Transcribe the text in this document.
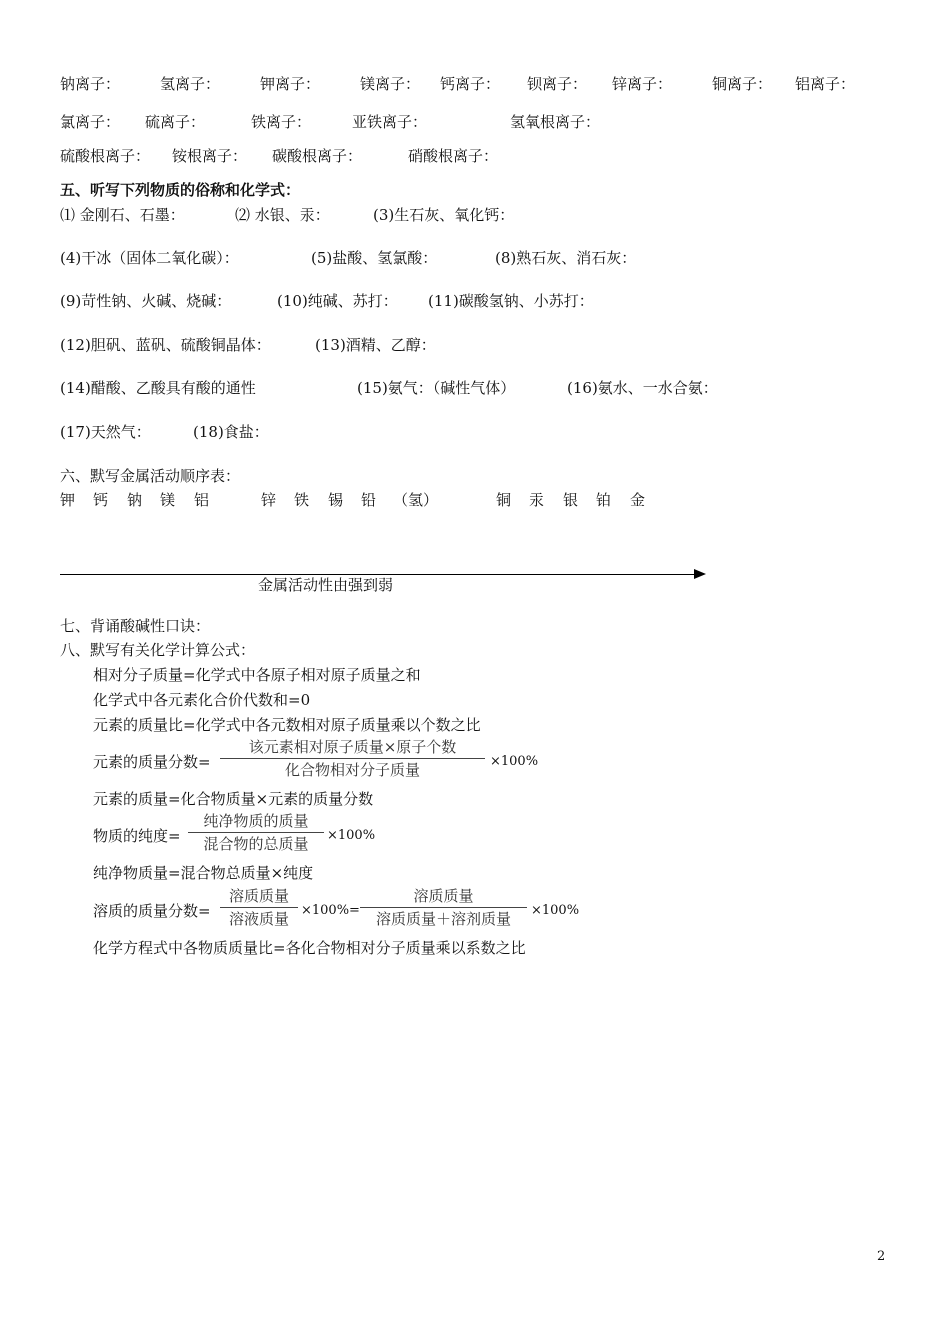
钠离子：	氢离子：	钾离子：	镁离子： 钙离子： 钡离子： 锌离子：	铜离子： 铝离子：
氯离子： 硫离子：	铁离子：	亚铁离子：	氢氧根离子：
硫酸根离子： 铵根离子： 碳酸根离子：	硝酸根离子：
五、听写下列物质的俗称和化学式：
⑴ 金刚石、石墨：	⑵ 水银、汞：	(3)生石灰、氧化钙：
(4)干冰（固体二氧化碳）：	(5)盐酸、氢氯酸：	(8)熟石灰、消石灰：
(9)苛性钠、火碱、烧碱：	(10)纯碱、苏打： (11)碳酸氢钠、小苏打：
(12)胆矾、蓝矾、硫酸铜晶体：	(13)酒精、乙醇：
(14)醋酸、乙酸具有酸的通性	(15)氨气：（碱性气体）	(16)氨水、一水合氨：
(17)天然气：	(18)食盐：
六、默写金属活动顺序表：
钾 钙 钠 镁 铝	锌 铁 锡 铅 （氢）	铜 汞 银 铂 金
金属活动性由强到弱
七、背诵酸碱性口诀：
八、默写有关化学计算公式：
相对分子质量=化学式中各原子相对原子质量之和
化学式中各元素化合价代数和=0
元素的质量比=化学式中各元数相对原子质量乘以个数之比
元素的质量分数=
该元素相对原子质量×原子个数
化合物相对分子质量	×100%
元素的质量=化合物质量×元素的质量分数
物质的纯度=
纯净物质的质量
混合物的总质量	×100%
纯净物质量=混合物总质量×纯度
溶质的质量分数=
溶质质量
溶液质量 ×100%=
溶质质量
溶质质量＋溶剂质量	×100%
化学方程式中各物质质量比=各化合物相对分子质量乘以系数之比
2
